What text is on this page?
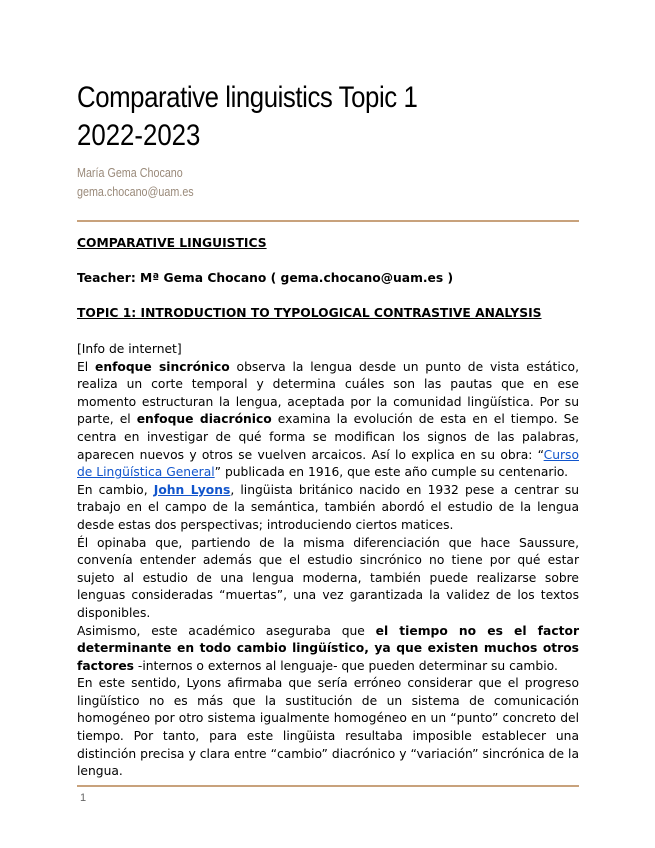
Comparative linguistics Topic 1
2022-2023
María Gema Chocano
gema.chocano@uam.es
COMPARATIVE LINGUISTICS
Teacher: Mª Gema Chocano ( gema.chocano@uam.es )
TOPIC 1: INTRODUCTION TO TYPOLOGICAL CONTRASTIVE ANALYSIS

[Info de internet]

El enfoque sincrónico observa la lengua desde un punto de vista estático, realiza un corte temporal y determina cuáles son las pautas que en ese momento estructuran la lengua, aceptada por la comunidad lingüística. Por su parte, el enfoque diacrónico examina la evolución de esta en el tiempo. Se centra en investigar de qué forma se modifican los signos de las palabras, aparecen nuevos y otros se vuelven arcaicos. Así lo explica en su obra: “Curso de Lingüística General” publicada en 1916, que este año cumple su centenario.

En cambio, John Lyons, lingüista británico nacido en 1932 pese a centrar su trabajo en el campo de la semántica, también abordó el estudio de la lengua desde estas dos perspectivas; introduciendo ciertos matices.

Él opinaba que, partiendo de la misma diferenciación que hace Saussure, convenía entender además que el estudio sincrónico no tiene por qué estar sujeto al estudio de una lengua moderna, también puede realizarse sobre lenguas consideradas “muertas”, una vez garantizada la validez de los textos disponibles.

Asimismo, este académico aseguraba que el tiempo no es el factor determinante en todo cambio lingüístico, ya que existen muchos otros factores -internos o externos al lenguaje- que pueden determinar su cambio.

En este sentido, Lyons afirmaba que sería erróneo considerar que el progreso lingüístico no es más que la sustitución de un sistema de comunicación homogéneo por otro sistema igualmente homogéneo en un “punto” concreto del tiempo. Por tanto, para este lingüista resultaba imposible establecer una distinción precisa y clara entre “cambio” diacrónico y “variación” sincrónica de la lengua.

1
